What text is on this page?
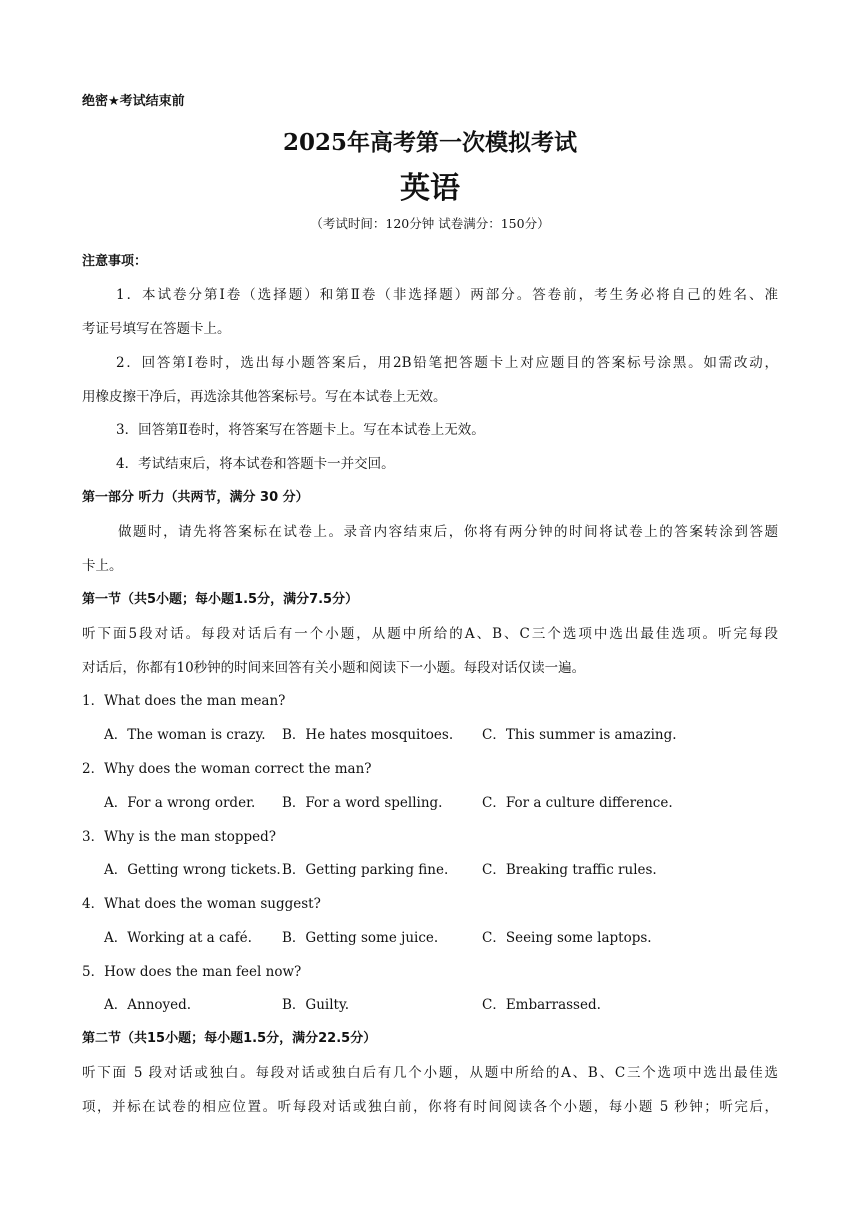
绝密★考试结束前
2025年高考第一次模拟考试
英语
（考试时间：120分钟 试卷满分：150分）
注意事项：
1．本试卷分第Ⅰ卷（选择题）和第Ⅱ卷（非选择题）两部分。答卷前，考生务必将自己的姓名、准
考证号填写在答题卡上。
2．回答第Ⅰ卷时，选出每小题答案后，用2B铅笔把答题卡上对应题目的答案标号涂黑。如需改动，
用橡皮擦干净后，再选涂其他答案标号。写在本试卷上无效。
3．回答第Ⅱ卷时，将答案写在答题卡上。写在本试卷上无效。
4．考试结束后，将本试卷和答题卡一并交回。
第一部分 听力（共两节，满分 30 分）
做题时，请先将答案标在试卷上。录音内容结束后，你将有两分钟的时间将试卷上的答案转涂到答题
卡上。
第一节（共5小题；每小题1.5分，满分7.5分）
听下面5段对话。每段对话后有一个小题，从题中所给的A、B、C三个选项中选出最佳选项。听完每段
对话后，你都有10秒钟的时间来回答有关小题和阅读下一小题。每段对话仅读一遍。
1．What does the man mean?
A．The woman is crazy. B．He hates mosquitoes. C．This summer is amazing.
2．Why does the woman correct the man?
A．For a wrong order. B．For a word spelling.	C．For a culture difference.
3．Why is the man stopped?
A．Getting wrong tickets. B．Getting parking fine.	C．Breaking traffic rules.
4．What does the woman suggest?
A．Working at a café. B．Getting some juice.	C．Seeing some laptops.
5．How does the man feel now?
A．Annoyed.	B．Guilty.	C．Embarrassed.
第二节（共15小题；每小题1.5分，满分22.5分）
听下面 5 段对话或独白。每段对话或独白后有几个小题，从题中所给的A、B、C三个选项中选出最佳选
项，并标在试卷的相应位置。听每段对话或独白前，你将有时间阅读各个小题，每小题 5 秒钟；听完后，
